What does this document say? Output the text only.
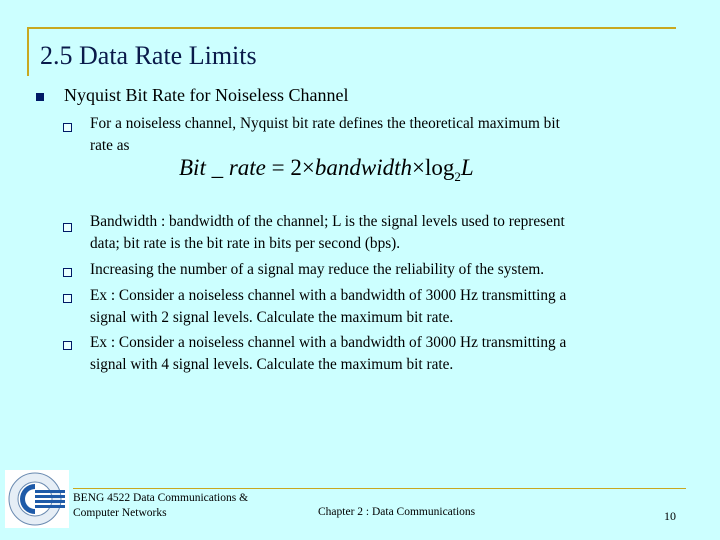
2.5 Data Rate Limits
Nyquist Bit Rate for Noiseless Channel
For a noiseless channel, Nyquist bit rate defines the theoretical maximum bit
rate as
Bit _ rate = $2\times bandwidth\times\log_2L$
Bandwidth : bandwidth of the channel; L is the signal levels used to represent
data; bit rate is the bit rate in bits per second (bps).
Increasing the number of a signal may reduce the reliability of the system.
Ex : Consider a noiseless channel with a bandwidth of 3000 Hz transmitting a
signal with 2 signal levels. Calculate the maximum bit rate.
Ex : Consider a noiseless channel with a bandwidth of 3000 Hz transmitting a
signal with 4 signal levels. Calculate the maximum bit rate.
BENG 4522 Data Communications &
Computer Networks	Chapter 2 : Data Communications	10
